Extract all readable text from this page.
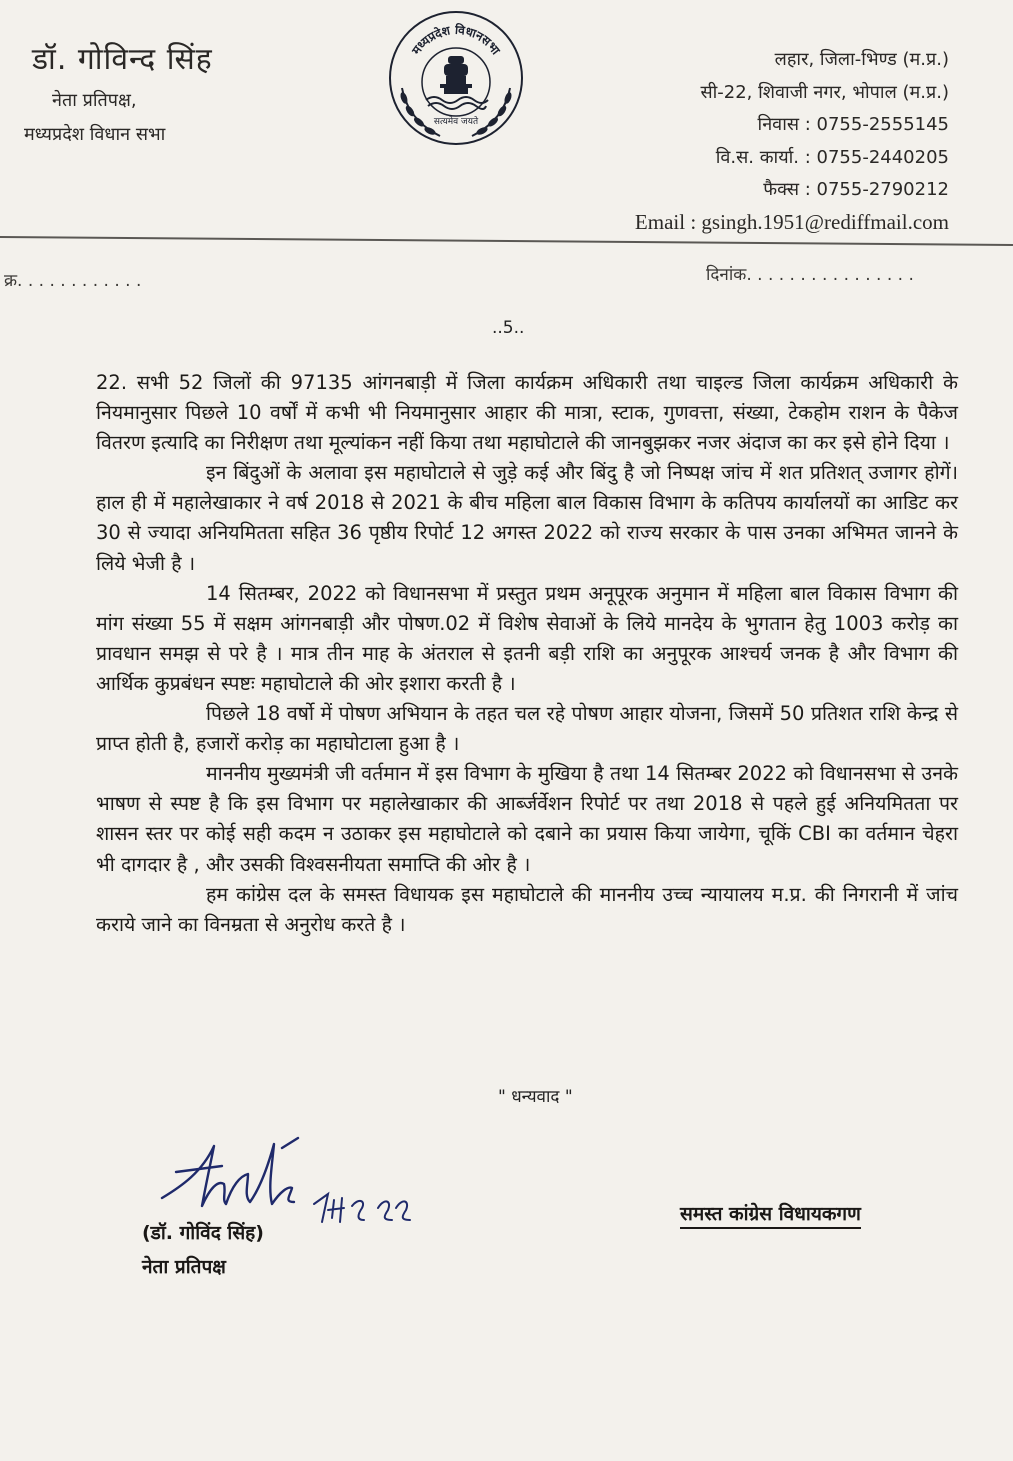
डॉ. गोविन्द सिंह
नेता प्रतिपक्ष,
मध्यप्रदेश विधान सभा
मध्यप्रदेश विधानसभा
सत्यमेव जयते
लहार, जिला-भिण्ड (म.प्र.)
सी-22, शिवाजी नगर, भोपाल (म.प्र.)
निवास : 0755-2555145
वि.स. कार्या. : 0755-2440205
फैक्स : 0755-2790212
Email : gsingh.1951@rediffmail.com
क्र. . . . . . . . . . . .	दिनांक. . . . . . . . . . . . . . . .
..5..

22. सभी 52 जिलों की 97135 आंगनबाड़ी में जिला कार्यक्रम अधिकारी तथा चाइल्ड जिला कार्यक्रम अधिकारी के नियमानुसार पिछले 10 वर्षों में कभी भी नियमानुसार आहार की मात्रा, स्टाक, गुणवत्ता, संख्या, टेकहोम राशन के पैकेज वितरण इत्यादि का निरीक्षण तथा मूल्यांकन नहीं किया तथा महाघोटाले की जानबुझकर नजर अंदाज का कर इसे होने दिया ।

इन बिंदुओं के अलावा इस महाघोटाले से जुड़े कई और बिंदु है जो निष्पक्ष जांच में शत प्रतिशत् उजागर होगें। हाल ही में महालेखाकार ने वर्ष 2018 से 2021 के बीच महिला बाल विकास विभाग के कतिपय कार्यालयों का आडिट कर 30 से ज्यादा अनियमितता सहित 36 पृष्ठीय रिपोर्ट 12 अगस्त 2022 को राज्य सरकार के पास उनका अभिमत जानने के लिये भेजी है ।

14 सितम्बर, 2022 को विधानसभा में प्रस्तुत प्रथम अनूपूरक अनुमान में महिला बाल विकास विभाग की मांग संख्या 55 में सक्षम आंगनबाड़ी और पोषण.02 में विशेष सेवाओं के लिये मानदेय के भुगतान हेतु 1003 करोड़ का प्रावधान समझ से परे है । मात्र तीन माह के अंतराल से इतनी बड़ी राशि का अनुपूरक आश्चर्य जनक है और विभाग की आर्थिक कुप्रबंधन स्पष्टः महाघोटाले की ओर इशारा करती है ।

पिछले 18 वर्षो में पोषण अभियान के तहत चल रहे पोषण आहार योजना, जिसमें 50 प्रतिशत राशि केन्द्र से प्राप्त होती है, हजारों करोड़ का महाघोटाला हुआ है ।

माननीय मुख्यमंत्री जी वर्तमान में इस विभाग के मुखिया है तथा 14 सितम्बर 2022 को विधानसभा से उनके भाषण से स्पष्ट है कि इस विभाग पर महालेखाकार की आर्ब्जर्वेशन रिपोर्ट पर तथा 2018 से पहले हुई अनियमितता पर शासन स्तर पर कोई सही कदम न उठाकर इस महाघोटाले को दबाने का प्रयास किया जायेगा, चूकिं CBI का वर्तमान चेहरा भी दागदार है , और उसकी विश्वसनीयता समाप्ति की ओर है ।

हम कांग्रेस दल के समस्त विधायक इस महाघोटाले की माननीय उच्च न्यायालय म.प्र. की निगरानी में जांच कराये जाने का विनम्रता से अनुरोध करते है ।

" धन्यवाद "
(डॉ. गोविंद सिंह)
नेता प्रतिपक्ष
समस्त कांग्रेस विधायकगण
